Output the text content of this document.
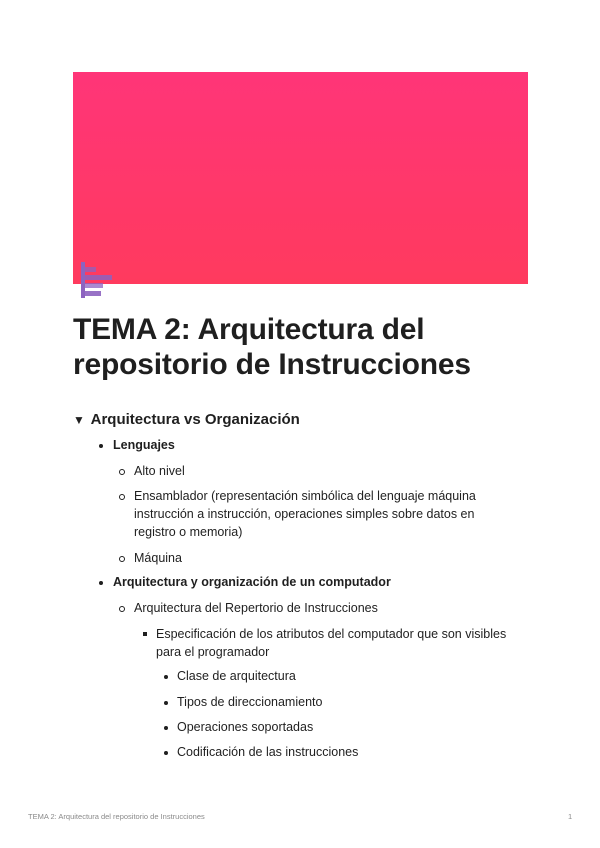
TEMA 2: Arquitectura del repositorio de Instrucciones
▼ Arquitectura vs Organización
Lenguajes
Alto nivel
Ensamblador (representación simbólica del lenguaje máquina instrucción a instrucción, operaciones simples sobre datos en registro o memoria)
Máquina
Arquitectura y organización de un computador
Arquitectura del Repertorio de Instrucciones
Especificación de los atributos del computador que son visibles para el programador
Clase de arquitectura
Tipos de direccionamiento
Operaciones soportadas
Codificación de las instrucciones
TEMA 2: Arquitectura del repositorio de Instrucciones	1
